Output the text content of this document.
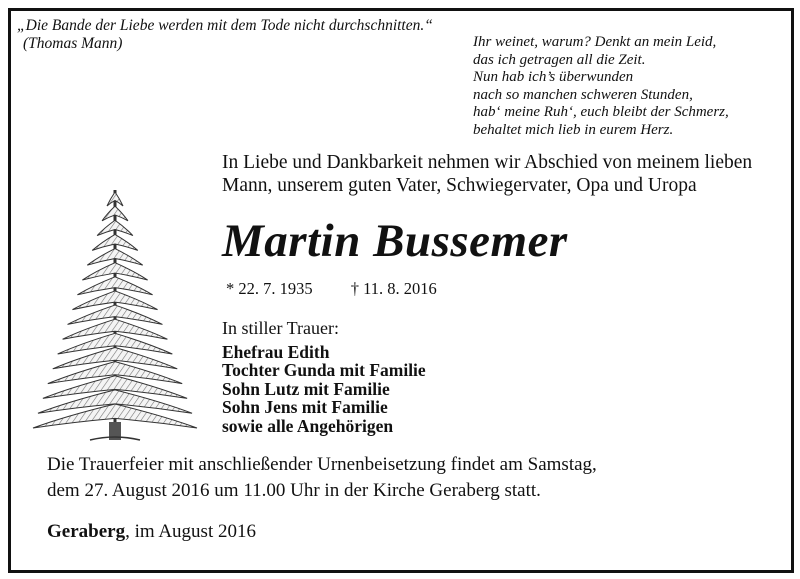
„Die Bande der Liebe werden mit dem Tode nicht durchschnitten.“
(Thomas Mann)	Ihr weinet, warum? Denkt an mein Leid,
das ich getragen all die Zeit.
Nun hab ich’s überwunden
nach so manchen schweren Stunden,
hab‘ meine Ruh‘, euch bleibt der Schmerz,
behaltet mich lieb in eurem Herz.
In Liebe und Dankbarkeit nehmen wir Abschied von meinem lieben
Mann, unserem guten Vater, Schwiegervater, Opa und Uropa
Martin Bussemer
* 22. 7. 1935 † 11. 8. 2016
In stiller Trauer:
Ehefrau Edith
Tochter Gunda mit Familie
Sohn Lutz mit Familie
Sohn Jens mit Familie
sowie alle Angehörigen
Die Trauerfeier mit anschließender Urnenbeisetzung findet am Samstag,
dem 27. August 2016 um 11.00 Uhr in der Kirche Geraberg statt.
Geraberg, im August 2016
